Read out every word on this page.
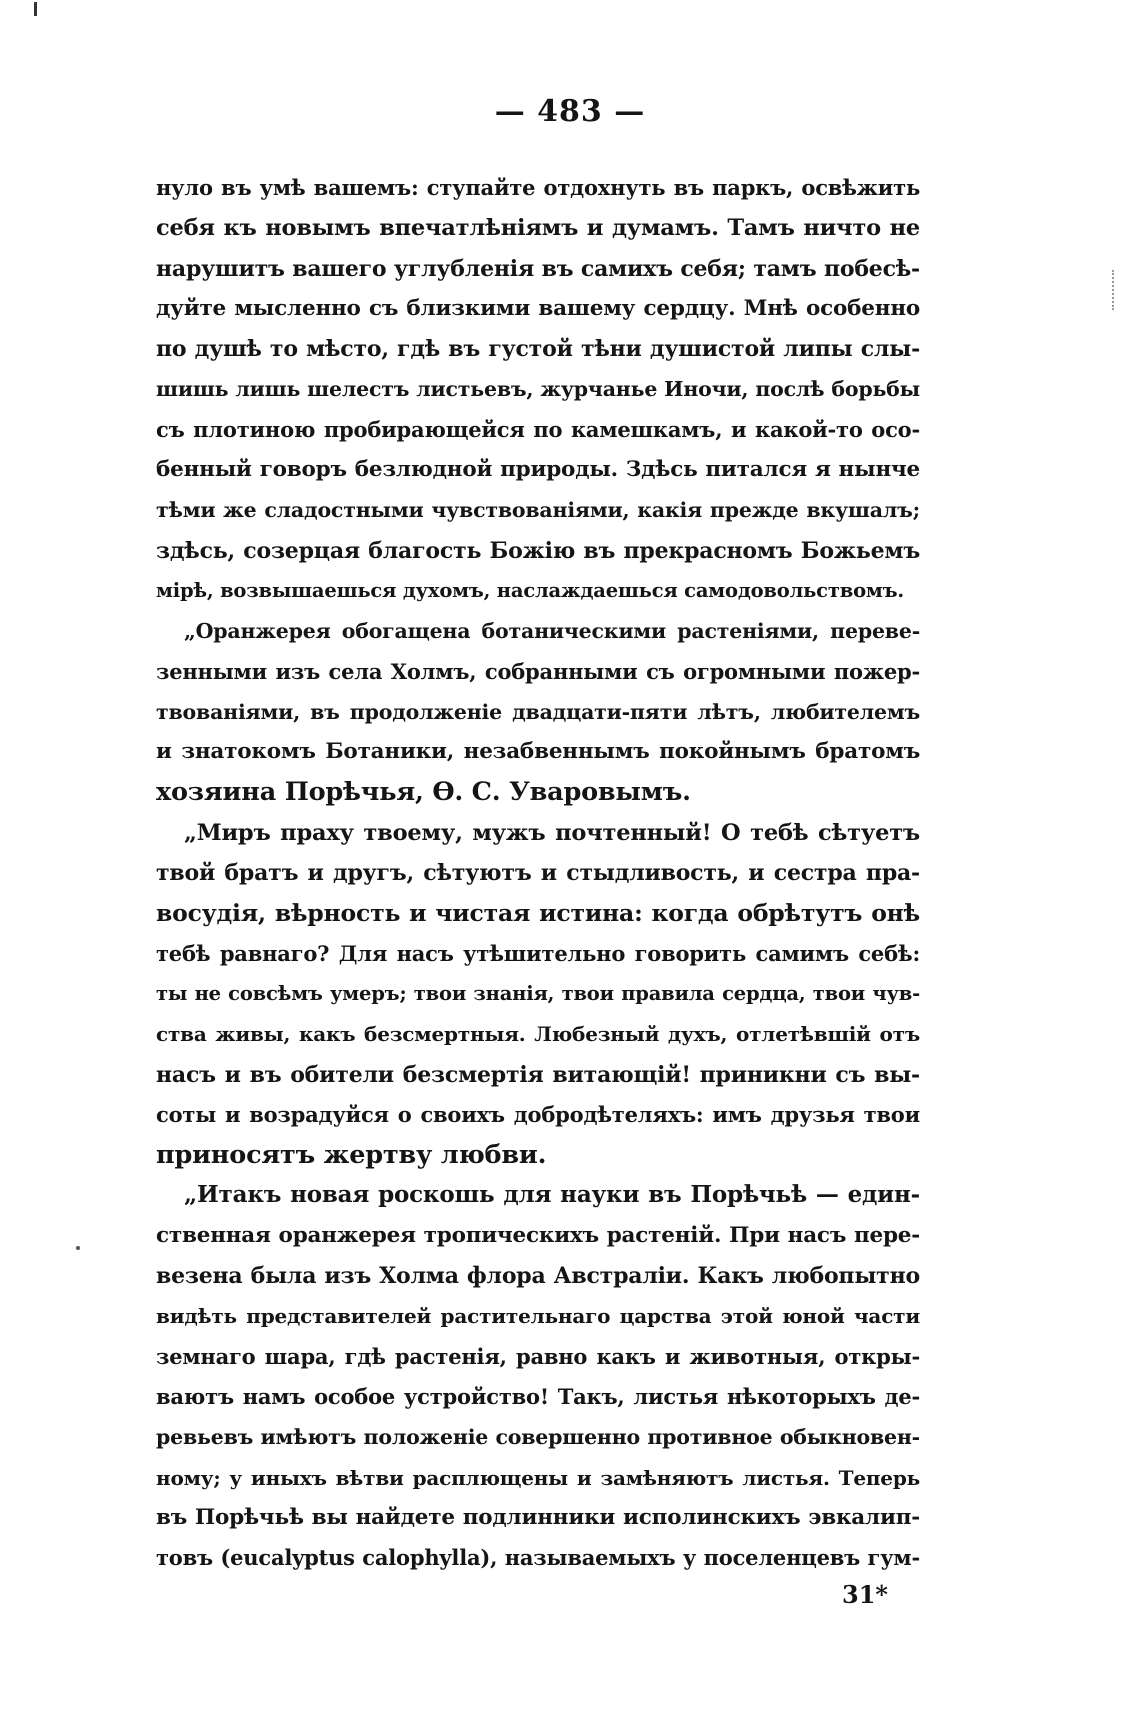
— 483 —
нуло въ умѣ вашемъ: ступайте отдохнуть въ паркъ, освѣжить
себя къ новымъ впечатлѣніямъ и думамъ. Тамъ ничто не
нарушитъ вашего углубленія въ самихъ себя; тамъ побесѣ-
дуйте мысленно съ близкими вашему сердцу. Мнѣ особенно
по душѣ то мѣсто, гдѣ въ густой тѣни душистой липы слы-
шишь лишь шелестъ листьевъ, журчанье Иночи, послѣ борьбы
съ плотиною пробирающейся по камешкамъ, и какой-то осо-
бенный говоръ безлюдной природы. Здѣсь питался я нынче
тѣми же сладостными чувствованіями, какія прежде вкушалъ;
здѣсь, созерцая благость Божію въ прекрасномъ Божьемъ
мірѣ, возвышаешься духомъ, наслаждаешься самодовольствомъ.
„Оранжерея обогащена ботаническими растеніями, переве-
зенными изъ села Холмъ, собранными съ огромными пожер-
твованіями, въ продолженіе двадцати-пяти лѣтъ, любителемъ
и знатокомъ Ботаники, незабвеннымъ покойнымъ братомъ
хозяина Порѣчья, Ѳ. С. Уваровымъ.
„Миръ праху твоему, мужъ почтенный! О тебѣ сѣтуетъ
твой братъ и другъ, сѣтуютъ и стыдливость, и сестра пра-
восудія, вѣрность и чистая истина: когда обрѣтутъ онѣ
тебѣ равнаго? Для насъ утѣшительно говорить самимъ себѣ:
ты не совсѣмъ умеръ; твои знанія, твои правила сердца, твои чув-
ства живы, какъ безсмертныя. Любезный духъ, отлетѣвшій отъ
насъ и въ обители безсмертія витающій! приникни съ вы-
соты и возрадуйся о своихъ добродѣтеляхъ: имъ друзья твои
приносятъ жертву любви.
„Итакъ новая роскошь для науки въ Порѣчьѣ — един-
ственная оранжерея тропическихъ растеній. При насъ пере-
везена была изъ Холма флора Австраліи. Какъ любопытно
видѣть представителей растительнаго царства этой юной части
земнаго шара, гдѣ растенія, равно какъ и животныя, откры-
ваютъ намъ особое устройство! Такъ, листья нѣкоторыхъ де-
ревьевъ имѣютъ положеніе совершенно противное обыкновен-
ному; у иныхъ вѣтви расплющены и замѣняютъ листья. Теперь
въ Порѣчьѣ вы найдете подлинники исполинскихъ эвкалип-
товъ (eucalyptus calophylla), называемыхъ у поселенцевъ гум-
31*
